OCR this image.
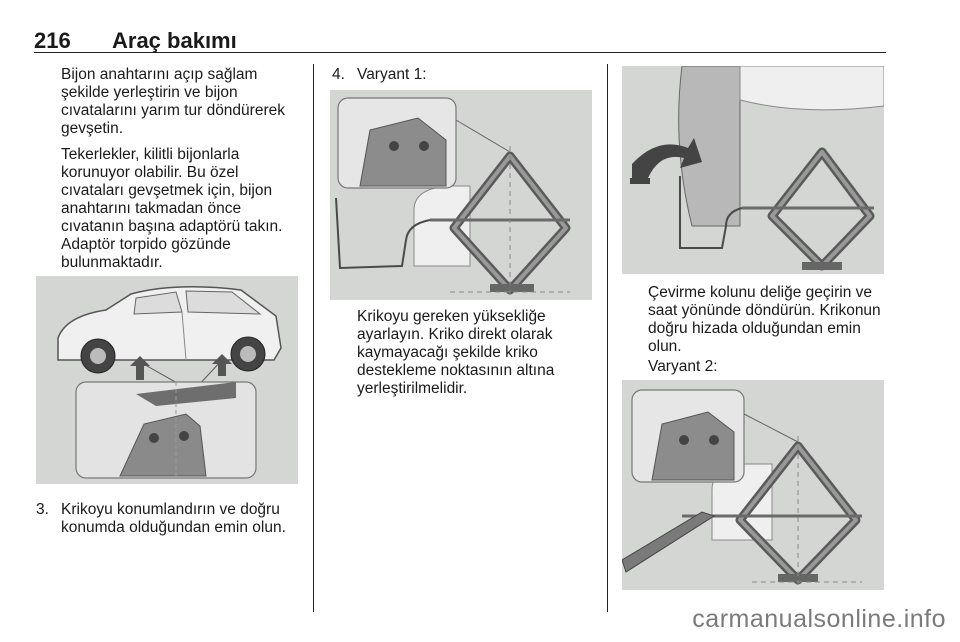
216 Araç bakımı

Bijon anahtarını açıp sağlam

şekilde yerleştirin ve bijon

cıvatalarını yarım tur döndürerek

gevşetin.

Tekerlekler, kilitli bijonlarla

korunuyor olabilir. Bu özel

cıvataları gevşetmek için, bijon

anahtarını takmadan önce

cıvatanın başına adaptörü takın.

Adaptör torpido gözünde

bulunmaktadır.

3. Krikoyu konumlandırın ve doğru

konumda olduğundan emin olun.

4. Varyant 1:

Krikoyu gereken yüksekliğe

ayarlayın. Kriko direkt olarak

kaymayacağı şekilde kriko

destekleme noktasının altına

yerleştirilmelidir.

Çevirme kolunu deliğe geçirin ve

saat yönünde döndürün. Krikonun

doğru hizada olduğundan emin

olun.

Varyant 2:

carmanualsonline.info
